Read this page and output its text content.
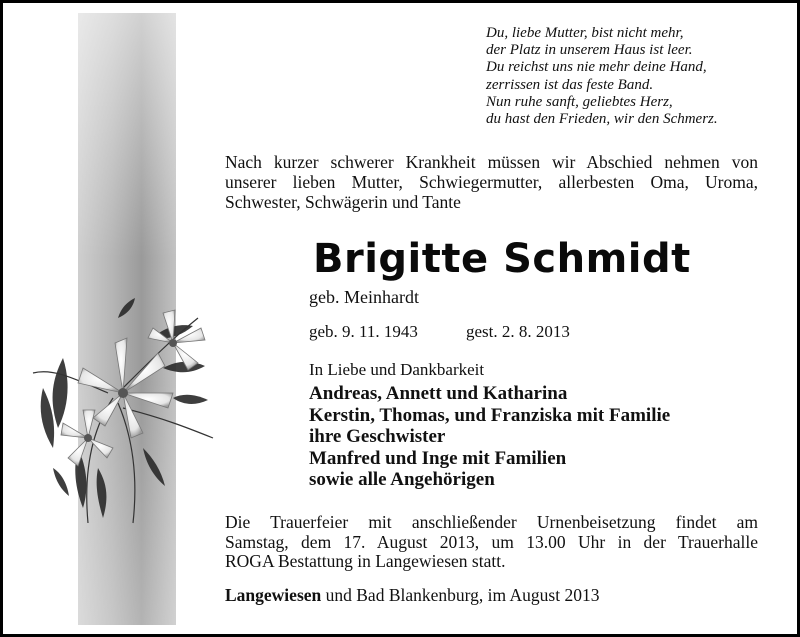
Du, liebe Mutter, bist nicht mehr,
der Platz in unserem Haus ist leer.
Du reichst uns nie mehr deine Hand,
zerrissen ist das feste Band.
Nun ruhe sanft, geliebtes Herz,
du hast den Frieden, wir den Schmerz.
Nach kurzer schwerer Krankheit müssen wir Abschied nehmen von
unserer lieben Mutter, Schwiegermutter, allerbesten Oma, Uroma,
Schwester, Schwägerin und Tante
Brigitte Schmidt
geb. Meinhardt
geb. 9. 11. 1943	gest. 2. 8. 2013
In Liebe und Dankbarkeit
Andreas, Annett und Katharina
Kerstin, Thomas, und Franziska mit Familie
ihre Geschwister
Manfred und Inge mit Familien
sowie alle Angehörigen
Die Trauerfeier mit anschließender Urnenbeisetzung findet am
Samstag, dem 17. August 2013, um 13.00 Uhr in der Trauerhalle
ROGA Bestattung in Langewiesen statt.
Langewiesen und Bad Blankenburg, im August 2013
